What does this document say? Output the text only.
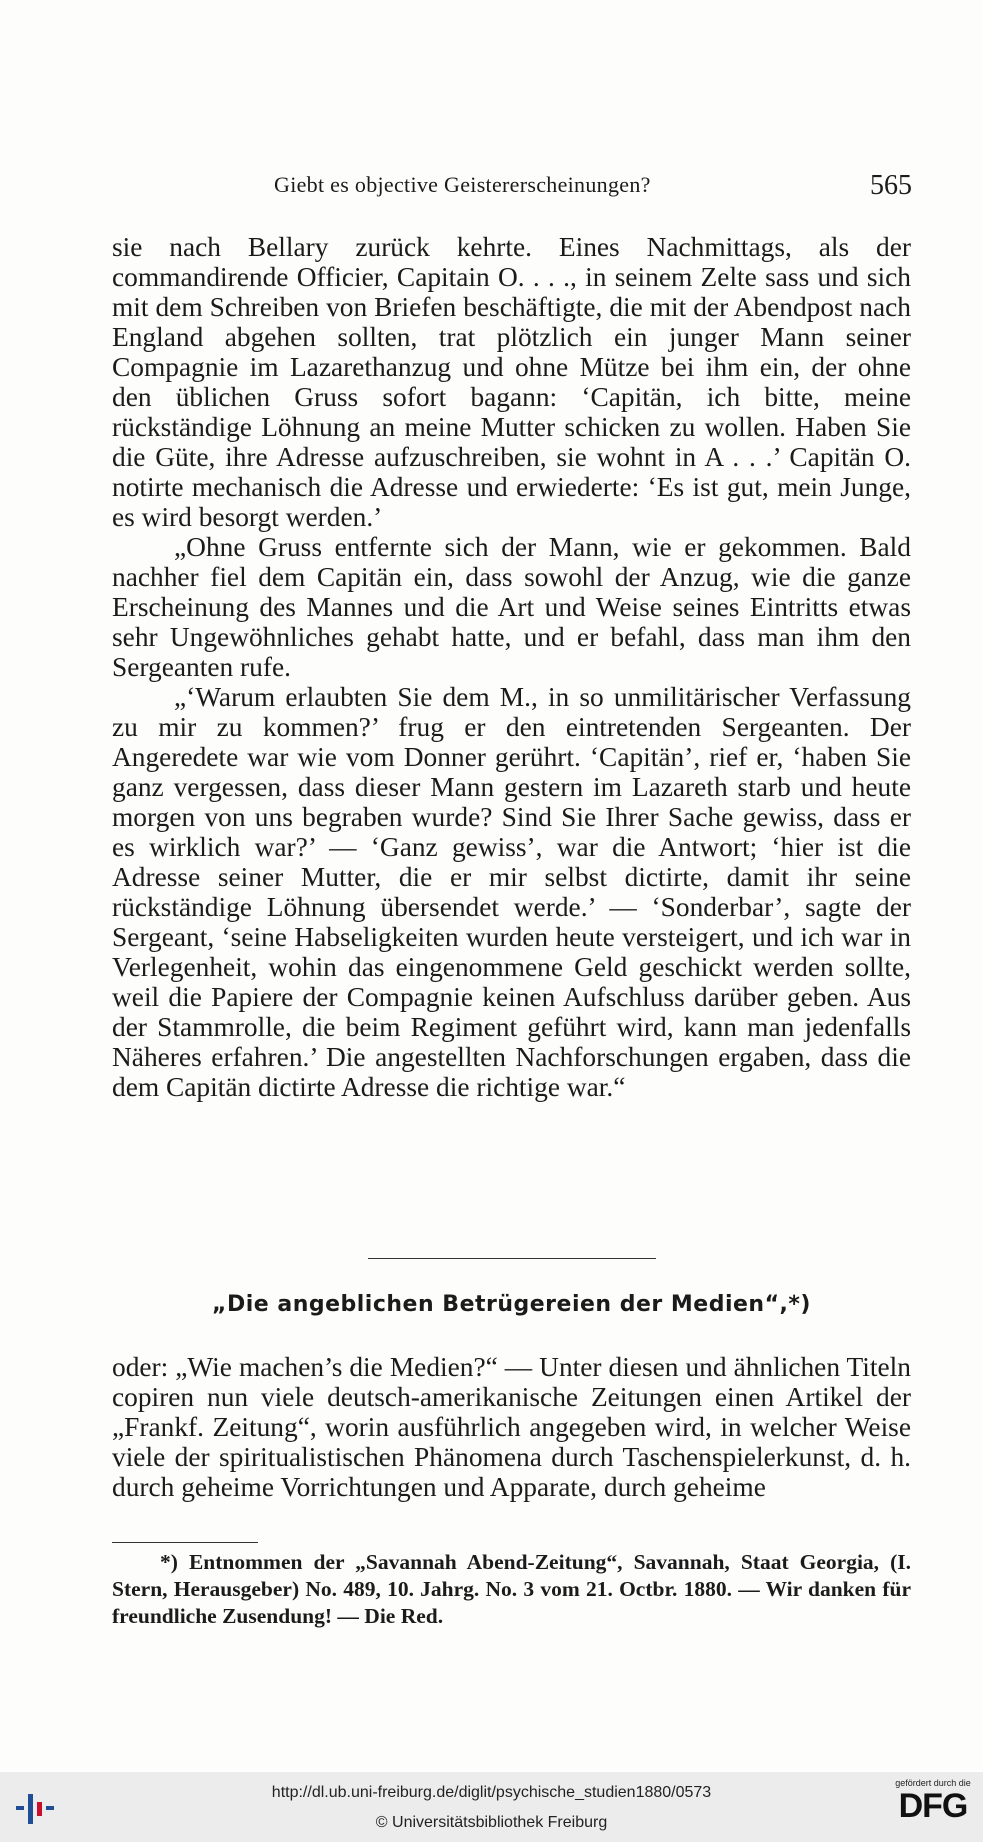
Giebt es objective Geistererscheinungen?	565

sie nach Bellary zurück kehrte. Eines Nachmittags, als der commandirende Officier, Capitain O. . . ., in seinem Zelte sass und sich mit dem Schreiben von Briefen beschäftigte, die mit der Abendpost nach England abgehen sollten, trat plötzlich ein junger Mann seiner Compagnie im Lazarethanzug und ohne Mütze bei ihm ein, der ohne den üblichen Gruss sofort bagann: ‘Capitän, ich bitte, meine rückständige Löhnung an meine Mutter schicken zu wollen. Haben Sie die Güte, ihre Adresse aufzuschreiben, sie wohnt in A . . .’ Capitän O. notirte mechanisch die Adresse und erwiederte: ‘Es ist gut, mein Junge, es wird besorgt werden.’

„Ohne Gruss entfernte sich der Mann, wie er gekommen. Bald nachher fiel dem Capitän ein, dass sowohl der Anzug, wie die ganze Erscheinung des Mannes und die Art und Weise seines Eintritts etwas sehr Ungewöhnliches gehabt hatte, und er befahl, dass man ihm den Sergeanten rufe.

„‘Warum erlaubten Sie dem M., in so unmilitärischer Verfassung zu mir zu kommen?’ frug er den eintretenden Sergeanten. Der Angeredete war wie vom Donner gerührt. ‘Capitän’, rief er, ‘haben Sie ganz vergessen, dass dieser Mann gestern im Lazareth starb und heute morgen von uns begraben wurde? Sind Sie Ihrer Sache gewiss, dass er es wirklich war?’ — ‘Ganz gewiss’, war die Antwort; ‘hier ist die Adresse seiner Mutter, die er mir selbst dictirte, damit ihr seine rückständige Löhnung übersendet werde.’ — ‘Sonderbar’, sagte der Sergeant, ‘seine Habseligkeiten wurden heute versteigert, und ich war in Verlegenheit, wohin das eingenommene Geld geschickt werden sollte, weil die Papiere der Compagnie keinen Aufschluss darüber geben. Aus der Stammrolle, die beim Regiment geführt wird, kann man jedenfalls Näheres erfahren.’ Die angestellten Nachforschungen ergaben, dass die dem Capitän dictirte Adresse die richtige war.“

„Die angeblichen Betrügereien der Medien“,*)
oder: „Wie machen’s die Medien?“ — Unter diesen und ähnlichen Titeln copiren nun viele deutsch-amerikanische Zeitungen einen Artikel der „Frankf. Zeitung“, worin ausführlich angegeben wird, in welcher Weise viele der spiritualistischen Phänomena durch Taschenspielerkunst, d. h. durch geheime Vorrichtungen und Apparate, durch geheime
*) Entnommen der „Savannah Abend-Zeitung“, Savannah, Staat Georgia, (I. Stern, Herausgeber) No. 489, 10. Jahrg. No. 3 vom 21. Octbr. 1880. — Wir danken für freundliche Zusendung! — Die Red.
http://dl.ub.uni-freiburg.de/diglit/psychische_studien1880/0573
© Universitätsbibliothek Freiburg
gefördert durch die
DFG
